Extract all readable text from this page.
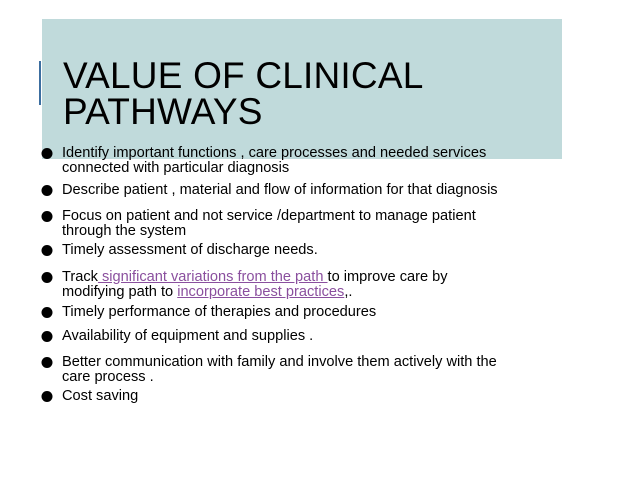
VALUE OF CLINICAL
PATHWAYS
Identify important functions , care processes and needed services
connected with particular diagnosis
Describe patient , material and flow of information for that diagnosis
Focus on patient and not service /department to manage patient
through the system
Timely assessment of discharge needs.
Track significant variations from the path to improve care by
modifying path to incorporate best practices,.
Timely performance of therapies and procedures
Availability of equipment and supplies .
Better communication with family and involve them actively with the
care process .
Cost saving
